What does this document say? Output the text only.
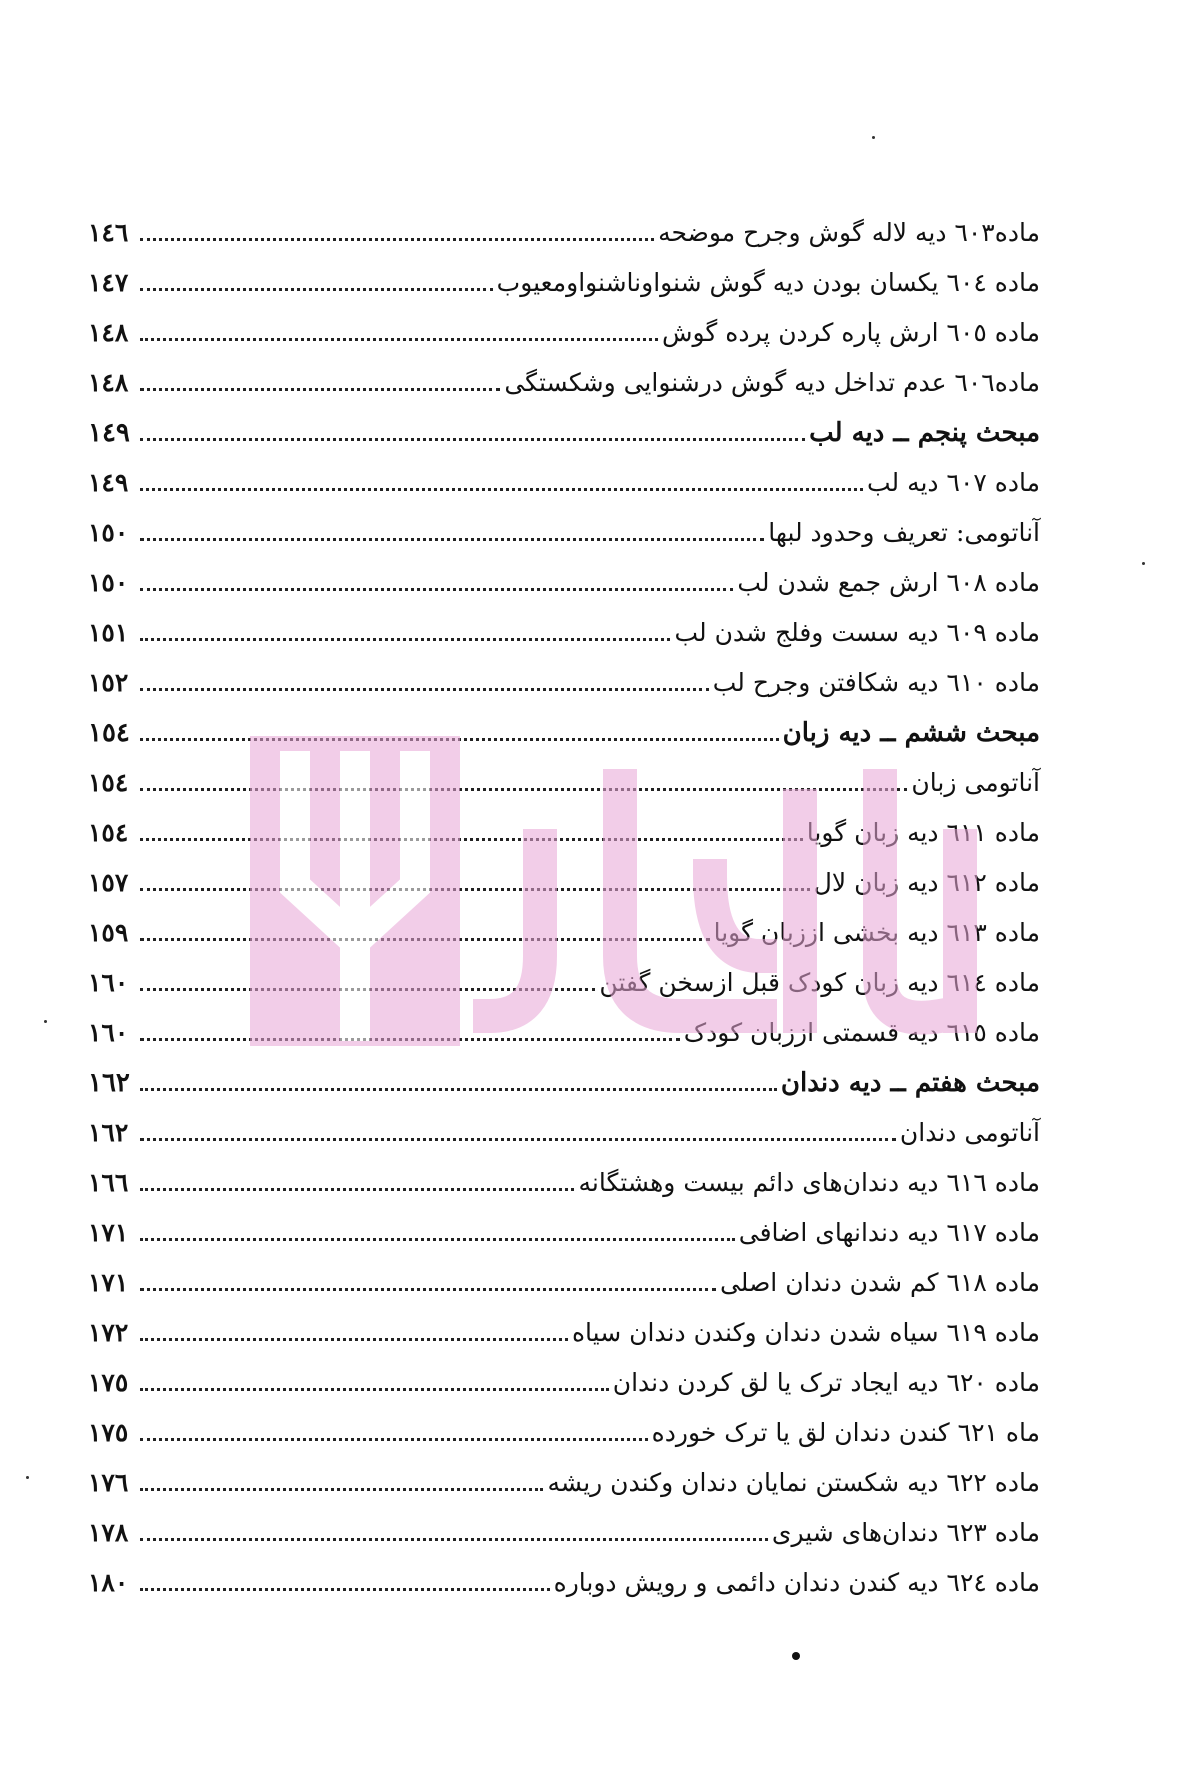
ماده٦٠٣ دیه لاله گوش وجرح موضحه
١٤٦
ماده ٦٠٤ یکسان بودن دیه گوش شنواوناشنواومعیوب
١٤٧
ماده ٦٠٥ ارش پاره کردن پرده گوش
١٤٨
ماده٦٠٦ عدم تداخل دیه گوش درشنوایی وشکستگی
١٤٨
مبحث پنجم ــ دیه لب
١٤٩
ماده ٦٠٧ دیه لب
١٤٩
آناتومی: تعریف وحدود لبها
١٥٠
ماده ٦٠٨ ارش جمع شدن لب
١٥٠
ماده ٦٠٩ دیه سست وفلج شدن لب
١٥١
ماده ٦١٠ دیه شکافتن وجرح لب
١٥٢
مبحث ششم ــ دیه زبان
١٥٤
آناتومی زبان
١٥٤
ماده ٦١١ دیه زبان گویا
١٥٤
ماده ٦١٢ دیه زبان لال
١٥٧
ماده ٦١٣ دیه بخشی اززبان گویا
١٥٩
ماده ٦١٤ دیه زبان کودک قبل ازسخن گفتن
١٦٠
ماده ٦١٥ دیه قسمتی اززبان کودک
١٦٠
مبحث هفتم ــ دیه دندان
١٦٢
آناتومی دندان
١٦٢
ماده ٦١٦ دیه دندان‌های دائم بیست وهشتگانه
١٦٦
ماده ٦١٧ دیه دندانهای اضافی
١٧١
ماده ٦١٨ کم شدن دندان اصلی
١٧١
ماده ٦١٩ سیاه شدن دندان وکندن دندان سیاه
١٧٢
ماده ٦٢٠ دیه ایجاد ترک یا لق کردن دندان
١٧٥
ماه ٦٢١ کندن دندان لق یا ترک خورده
١٧٥
ماده ٦٢٢ دیه شکستن نمایان دندان وکندن ریشه
١٧٦
ماده ٦٢٣ دندان‌های شیری
١٧٨
ماده ٦٢٤ دیه کندن دندان دائمی و رویش دوباره
١٨٠
